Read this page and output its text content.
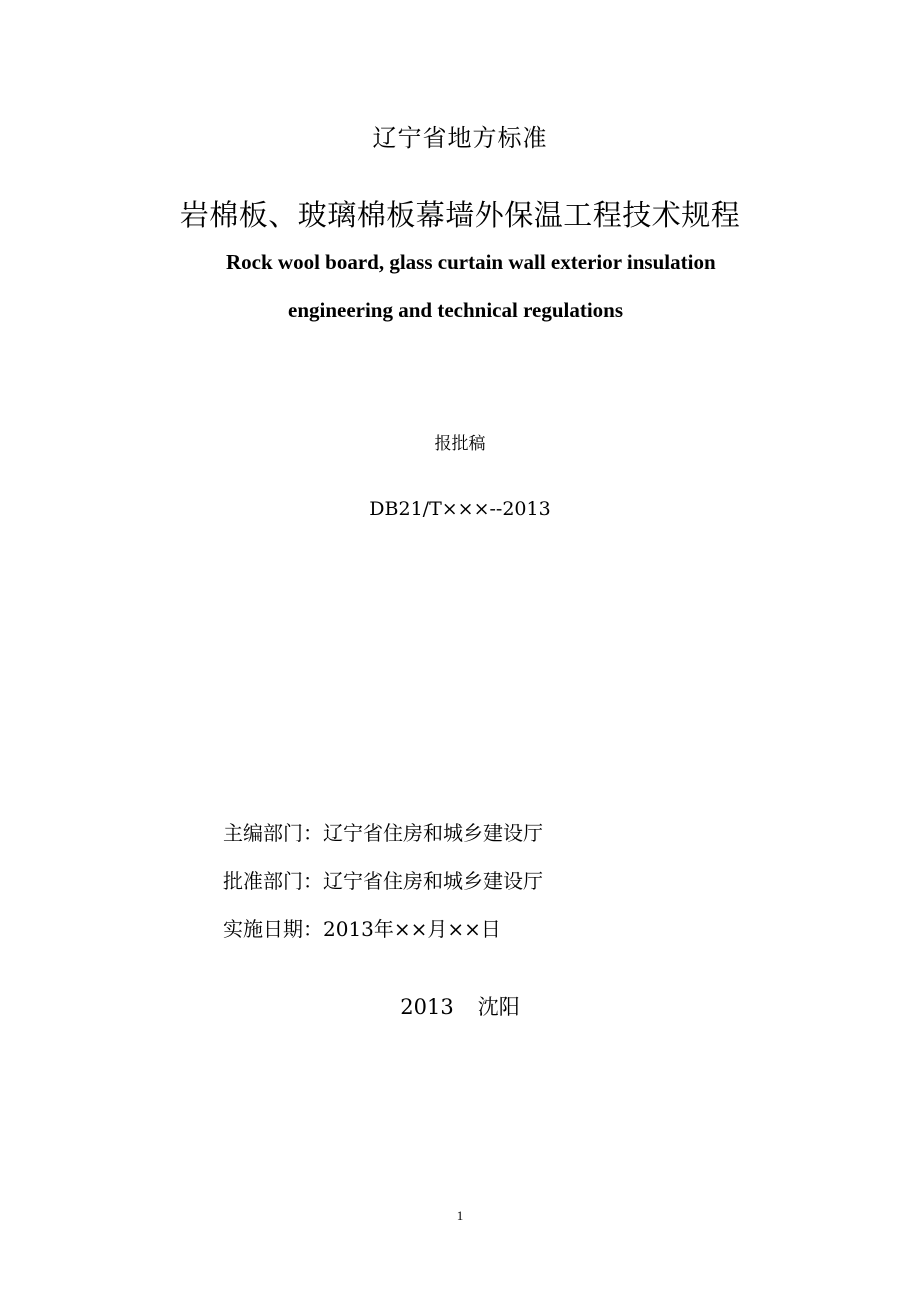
辽宁省地方标准
岩棉板、玻璃棉板幕墙外保温工程技术规程
Rock wool board, glass curtain wall exterior insulation
engineering and technical regulations
报批稿
DB21/T×××--2013
主编部门：辽宁省住房和城乡建设厅
批准部门：辽宁省住房和城乡建设厅
实施日期：2013年××月××日
2013 沈阳
1
